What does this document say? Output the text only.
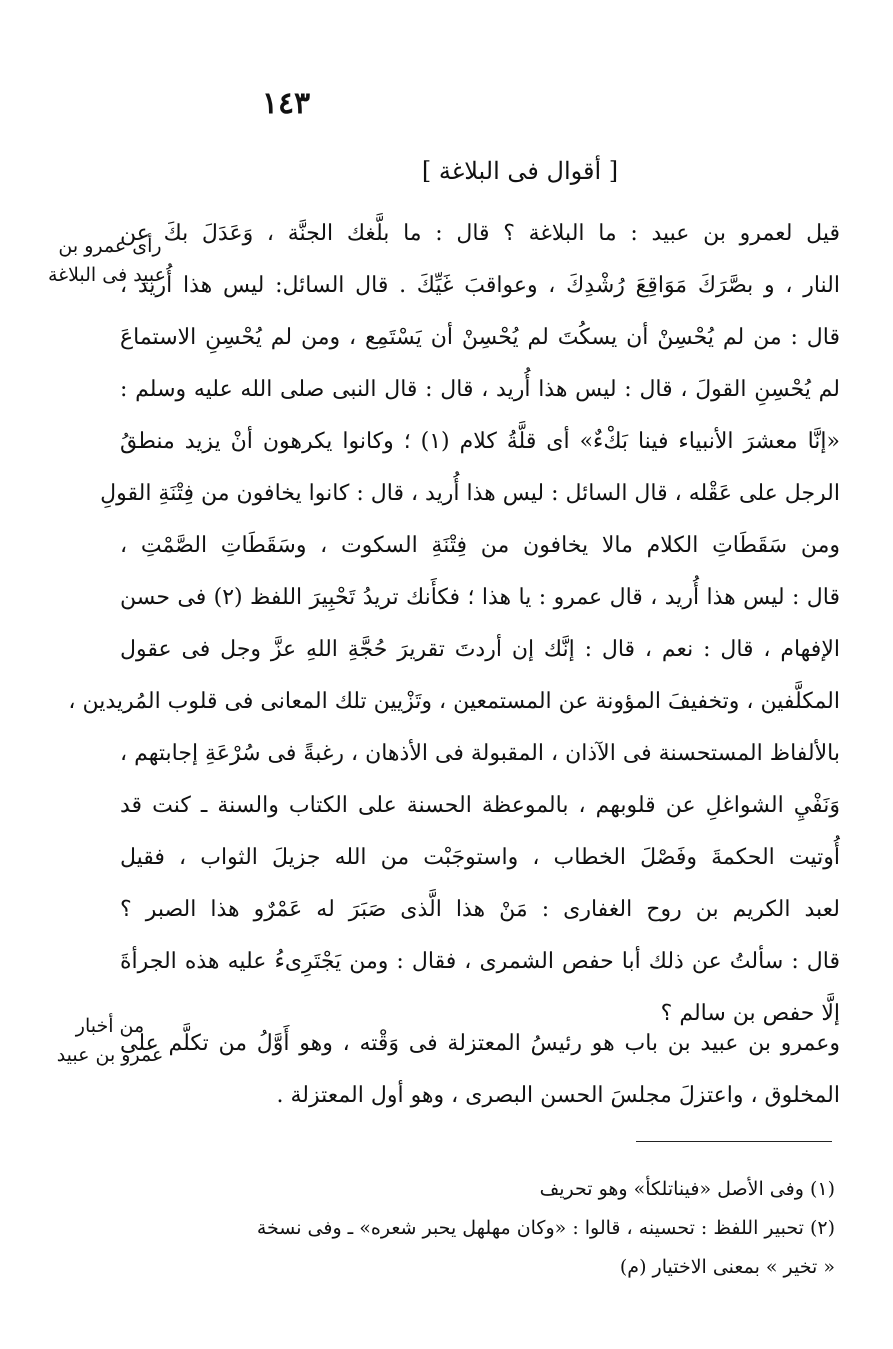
١٤٣
[ أقوال فى البلاغة ]
رأى عمرو بن
عبيد فى البلاغة
من أخبار
عمرو بن عبيد
قيل لعمرو بن عبيد : ما البلاغة ؟ قال : ما بلَّغك الجنَّة ، وَعَدَلَ بكَ عن
النار ، و بصَّرَكَ مَوَاقِعَ رُشْدِكَ ، وعواقبَ غَيِّكَ . قال السائل: ليس هذا أُريد ،
قال : من لم يُحْسِنْ أن يسكُتَ لم يُحْسِنْ أن يَسْتَمِع ، ومن لم يُحْسِنِ الاستماعَ
لم يُحْسِنِ القولَ ، قال : ليس هذا أُريد ، قال : قال النبى صلى الله عليه وسلم :
«إنَّا معشرَ الأنبياء فينا بَكْءٌ» أى قلَّةُ كلام (١) ؛ وكانوا يكرهون أنْ يزيد منطقُ
الرجل على عَقْله ، قال السائل : ليس هذا أُريد ، قال : كانوا يخافون من فِتْنَةِ القولِ
ومن سَقَطَاتِ الكلام مالا يخافون من فِتْنَةِ السكوت ، وسَقَطَاتِ الصَّمْتِ ،
قال : ليس هذا أُريد ، قال عمرو : يا هذا ؛ فكأَنك تريدُ تَحْبِيرَ اللفظ (٢) فى حسن
الإفهام ، قال : نعم ، قال : إنَّك إن أردتَ تقريرَ حُجَّةِ اللهِ عزَّ وجل فى عقول
المكلَّفين ، وتخفيفَ المؤونة عن المستمعين ، وتَزْيين تلك المعانى فى قلوب المُريدين ،
بالألفاظ المستحسنة فى الآذان ، المقبولة فى الأذهان ، رغبةً فى سُرْعَةِ إجابتهم ،
وَنَفْيِ الشواغلِ عن قلوبهم ، بالموعظة الحسنة على الكتاب والسنة ـ كنت قد
أُوتيت الحكمةَ وفَصْلَ الخطاب ، واستوجَبْت من الله جزيلَ الثواب ، فقيل
لعبد الكريم بن روح الغفارى : مَنْ هذا الَّذى صَبَرَ له عَمْرٌو هذا الصبر ؟
قال : سألتُ عن ذلك أبا حفص الشمرى ، فقال : ومن يَجْتَرِىءُ عليه هذه الجرأةَ
إلَّا حفص بن سالم ؟
وعمرو بن عبيد بن باب هو رئيسُ المعتزلة فى وَقْته ، وهو أَوَّلُ من تكلَّم على
المخلوق ، واعتزلَ مجلسَ الحسن البصرى ، وهو أول المعتزلة .
(١) وفى الأصل «فيناتلكأ» وهو تحريف
(٢) تحبير اللفظ : تحسينه ، قالوا : «وكان مهلهل يحبر شعره» ـ وفى نسخة
« تخير » بمعنى الاختيار (م)
